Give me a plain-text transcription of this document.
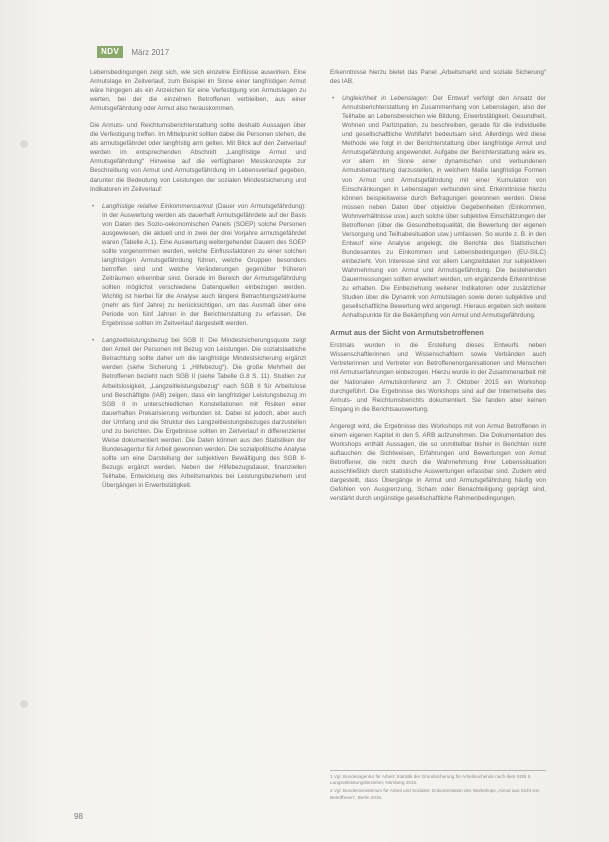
NDV	März 2017

Lebensbedingungen zeigt sich, wie sich einzelne Einflüsse auswirken. Eine Armutslage im Zeitverlauf, zum Beispiel im Sinne einer langfristigen Armut wäre hingegen als ein Anzeichen für eine Verfestigung von Armutslagen zu werten, bei der die einzelnen Betroffenen verbleiben, aus einer Armutsgefährdung oder Armut also herauskommen.

Die Armuts- und Reichtumsberichterstattung sollte deshalb Aussagen über die Verfestigung treffen. Im Mittelpunkt sollten dabei die Personen stehen, die als armutsgefährdet oder langfristig arm gelten. Mit Blick auf den Zeitverlauf werden im entsprechenden Abschnitt „Langfristige Armut und Armutsgefährdung“ Hinweise auf die verfügbaren Messkonzepte zur Beschreibung von Armut und Armutsgefährdung im Lebensverlauf gegeben, darunter die Bedeutung von Leistungen der sozialen Mindestsicherung und Indikatoren im Zeitverlauf:

• Langfristige relative Einkommensarmut (Dauer von Armutsgefährdung): In der Auswertung werden als dauerhaft Armutsgefährdete auf der Basis von Daten des Sozio-oekonomischen Panels (SOEP) solche Personen ausgewiesen, die aktuell und in zwei der drei Vorjahre armutsgefährdet waren (Tabelle A.1). Eine Auswertung weitergehender Dauern des SOEP sollte vorgenommen werden, welche Einflussfaktoren zu einer solchen langfristigen Armutsgefährdung führen, welche Gruppen besonders betroffen sind und welche Veränderungen gegenüber früheren Zeiträumen erkennbar sind. Gerade im Bereich der Armutsgefährdung sollten möglichst verschiedene Datenquellen einbezogen werden. Wichtig ist hierbei für die Analyse auch längere Betrachtungszeiträume (mehr als fünf Jahre) zu berücksichtigen, um das Ausmaß über eine Periode von fünf Jahren in der Berichterstattung zu erfassen. Die Ergebnisse sollten im Zeitverlauf dargestellt werden.
• Langzeitleistungsbezug bei SGB II: Die Mindestsicherungsquote zeigt den Anteil der Personen mit Bezug von Leistungen. Die sozialstaatliche Betrachtung sollte daher um die langfristige Mindestsicherung ergänzt werden (siehe Sicherung 1 „Hilfebezug“). Die große Mehrheit der Betroffenen bezieht nach SGB II (siehe Tabelle G.8 S. 11). Studien zur Arbeitslosigkeit, „Langzeitleistungsbezug“ nach SGB II für Arbeitslose und Beschäftigte (IAB) zeigen, dass ein langfristiger Leistungsbezug im SGB II in unterschiedlichen Konstellationen mit Risiken einer dauerhaften Prekarisierung verbunden ist. Dabei ist jedoch, aber auch der Umfang und die Struktur des Langzeitleistungsbezuges darzustellen und zu berichten. Die Ergebnisse sollten im Zeitverlauf in differenzierter Weise dokumentiert werden. Die Daten können aus den Statistiken der Bundesagentur für Arbeit gewonnen werden. Die sozialpolitische Analyse sollte um eine Darstellung der subjektiven Bewältigung des SGB II-Bezugs ergänzt werden. Neben der Hilfebezugsdauer, finanziellen Teilhabe, Entwicklung des Arbeitsmarktes bei Leistungsbeziehern und Übergängen in Erwerbstätigkeit.

Erkenntnisse hierzu bietet das Panel „Arbeitsmarkt und soziale Sicherung“ des IAB.

• Ungleichheit in Lebenslagen: Der Entwurf verfolgt den Ansatz der Armutsberichterstattung im Zusammenhang von Lebenslagen, also der Teilhabe an Lebensbereichen wie Bildung, Erwerbstätigkeit, Gesundheit, Wohnen und Partizipation, zu beschreiben, gerade für die individuelle und gesellschaftliche Wohlfahrt bedeutsam sind. Allerdings wird diese Methode wie folgt in der Berichterstattung über langfristige Armut und Armutsgefährdung angewendet. Aufgabe der Berichterstattung wäre es, vor allem im Sinne einer dynamischen und verbundenen Armutsbetrachtung darzustellen, in welchem Maße langfristige Formen von Armut und Armutsgefährdung mit einer Kumulation von Einschränkungen in Lebenslagen verbunden sind. Erkenntnisse hierzu können beispielsweise durch Befragungen gewonnen werden. Diese müssen neben Daten über objektive Gegebenheiten (Einkommen, Wohnverhältnisse usw.) auch solche über subjektive Einschätzungen der Betroffenen (über die Gesundheitsqualität, die Bewertung der eigenen Versorgung und Teilhabesituation usw.) umfassen. So wurde z. B. in den Entwurf eine Analyse angelegt, die Berichte des Statistischen Bundesamtes zu Einkommen und Lebensbedingungen (EU-SILC) einbezieht. Von Interesse sind vor allem Langzeitdaten zur subjektiven Wahrnehmung von Armut und Armutsgefährdung. Die bestehenden Dauermessungen sollten erweitert werden, um ergänzende Erkenntnisse zu erhalten. Die Einbeziehung weiterer Indikatoren oder zusätzlicher Studien über die Dynamik von Armutslagen sowie deren subjektive und gesellschaftliche Bewertung wird angeregt. Hieraus ergeben sich weitere Anhaltspunkte für die Bekämpfung von Armut und Armutsgefährdung.
Armut aus der Sicht von Armutsbetroffenen

Erstmals wurden in die Erstellung dieses Entwurfs neben Wissenschaftlerinnen und Wissenschaftlern sowie Verbänden auch Vertreterinnen und Vertreter von Betroffenenorganisationen und Menschen mit Armutserfahrungen einbezogen. Hierzu wurde in der Zusammenarbeit mit der Nationalen Armutskonferenz am 7. Oktober 2015 ein Workshop durchgeführt. Die Ergebnisse des Workshops sind auf der Internetseite des Armuts- und Reichtumsberichts dokumentiert. Sie fanden aber keinen Eingang in die Berichtsauswertung.

Angeregt wird, die Ergebnisse des Workshops mit von Armut Betroffenen in einem eigenen Kapitel in den 5. ARB aufzunehmen. Die Dokumentation des Workshops enthält Aussagen, die so unmittelbar bisher in Berichten nicht auftauchen: die Sichtweisen, Erfahrungen und Bewertungen von Armut Betroffener, die nicht durch die Wahrnehmung ihrer Lebenssituation ausschließlich durch statistische Auswertungen erfassbar sind. Zudem wird dargestellt, dass Übergänge in Armut und Armutsgefährdung häufig von Gefühlen von Ausgrenzung, Scham oder Benachteiligung geprägt sind, verstärkt durch ungünstige gesellschaftliche Rahmenbedingungen.

1 Vgl. Bundesagentur für Arbeit: Statistik der Grundsicherung für Arbeitsuchende nach dem SGB II. Langzeitleistungsbezieher, Nürnberg 2016.
2 Vgl. Bundesministerium für Arbeit und Soziales: Dokumentation des Workshops „Armut aus Sicht von Betroffenen“, Berlin 2015.
98
